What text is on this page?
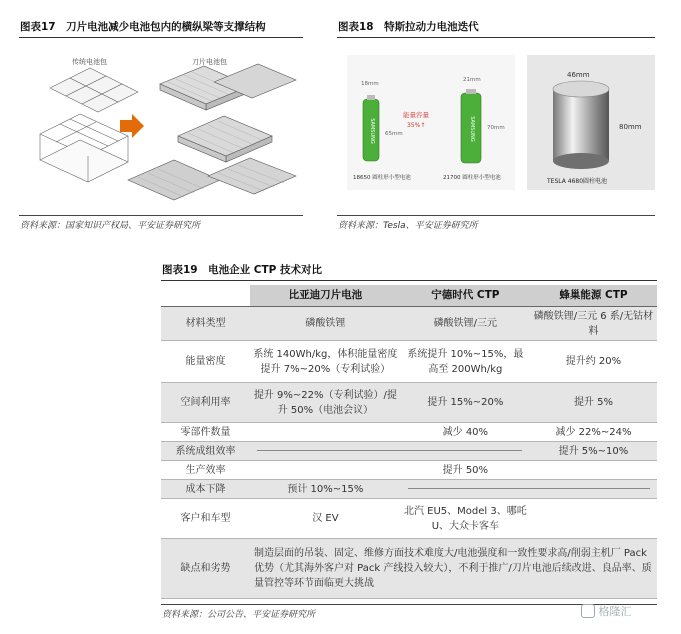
图表17　刀片电池减少电池包内的横纵梁等支撑结构
传统电池包	刀片电池包
资料来源：国家知识产权局、平安证券研究所
图表18　特斯拉动力电池迭代
SAMSUNG	SAMSUNG
18mm
21mm
65mm
70mm
能量容量
35%↑
18650 圆柱形小型电池	21700 圆柱形小型电池
46mm
80mm
TESLA 4680圆柱电池
资料来源：Tesla、平安证券研究所
图表19　电池企业 CTP 技术对比
	比亚迪刀片电池	宁德时代 CTP	蜂巢能源 CTP
材料类型	磷酸铁锂	磷酸铁锂/三元	磷酸铁锂/三元 6 系/无钴材料
能量密度	系统 140Wh/kg，体积能量密度提升 7%~20%（专利试验）	系统提升 10%~15%，最高至 200Wh/kg	提升约 20%
空间利用率	提升 9%~22%（专利试验）/提升 50%（电池会议）	提升 15%~20%	提升 5%
零部件数量		减少 40%	减少 22%~24%
系统成组效率			提升 5%~10%
生产效率		提升 50%	
成本下降	预计 10%~15%		
客户和车型	汉 EV	北汽 EU5、Model 3、哪吒 U、大众卡客车	
缺点和劣势	制造层面的吊装、固定、维修方面技术难度大/电池强度和一致性要求高/削弱主机厂 Pack 优势（尤其海外客户对 Pack 产线投入较大），不利于推广/刀片电池后续改进、良品率、质量管控等环节面临更大挑战		
资料来源：公司公告、平安证券研究所	格隆汇
